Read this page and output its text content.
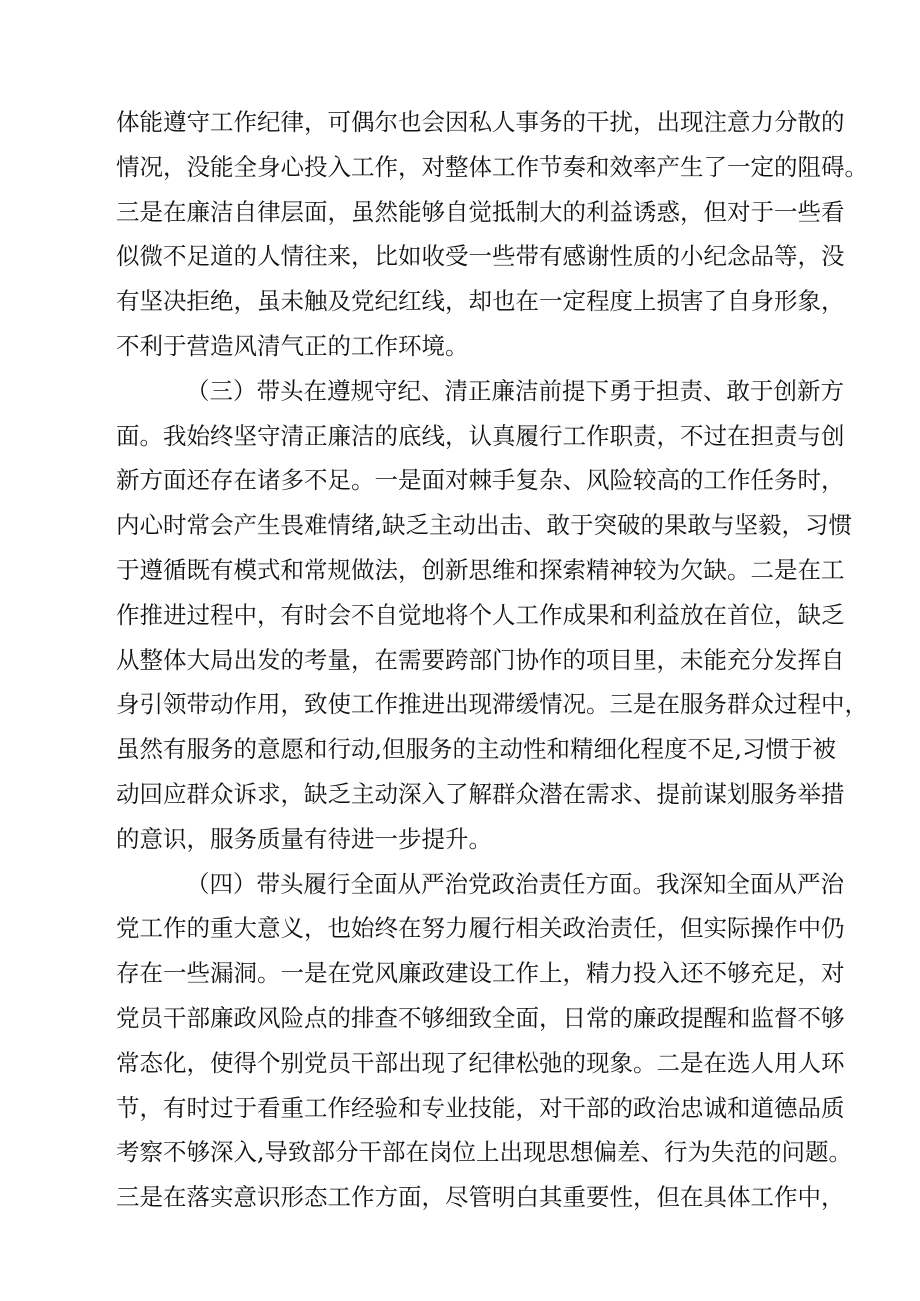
体能遵守工作纪律，可偶尔也会因私人事务的干扰，出现注意力分散的
情况，没能全身心投入工作，对整体工作节奏和效率产生了一定的阻碍。
三是在廉洁自律层面，虽然能够自觉抵制大的利益诱惑，但对于一些看
似微不足道的人情往来，比如收受一些带有感谢性质的小纪念品等，没
有坚决拒绝，虽未触及党纪红线，却也在一定程度上损害了自身形象，
不利于营造风清气正的工作环境。
（三）带头在遵规守纪、清正廉洁前提下勇于担责、敢于创新方
面。我始终坚守清正廉洁的底线，认真履行工作职责，不过在担责与创
新方面还存在诸多不足。一是面对棘手复杂、风险较高的工作任务时，
内心时常会产生畏难情绪,缺乏主动出击、敢于突破的果敢与坚毅，习惯
于遵循既有模式和常规做法，创新思维和探索精神较为欠缺。二是在工
作推进过程中，有时会不自觉地将个人工作成果和利益放在首位，缺乏
从整体大局出发的考量，在需要跨部门协作的项目里，未能充分发挥自
身引领带动作用，致使工作推进出现滞缓情况。三是在服务群众过程中，
虽然有服务的意愿和行动,但服务的主动性和精细化程度不足,习惯于被
动回应群众诉求，缺乏主动深入了解群众潜在需求、提前谋划服务举措
的意识，服务质量有待进一步提升。
（四）带头履行全面从严治党政治责任方面。我深知全面从严治
党工作的重大意义，也始终在努力履行相关政治责任，但实际操作中仍
存在一些漏洞。一是在党风廉政建设工作上，精力投入还不够充足，对
党员干部廉政风险点的排查不够细致全面，日常的廉政提醒和监督不够
常态化，使得个别党员干部出现了纪律松弛的现象。二是在选人用人环
节，有时过于看重工作经验和专业技能，对干部的政治忠诚和道德品质
考察不够深入,导致部分干部在岗位上出现思想偏差、行为失范的问题。
三是在落实意识形态工作方面，尽管明白其重要性，但在具体工作中，
